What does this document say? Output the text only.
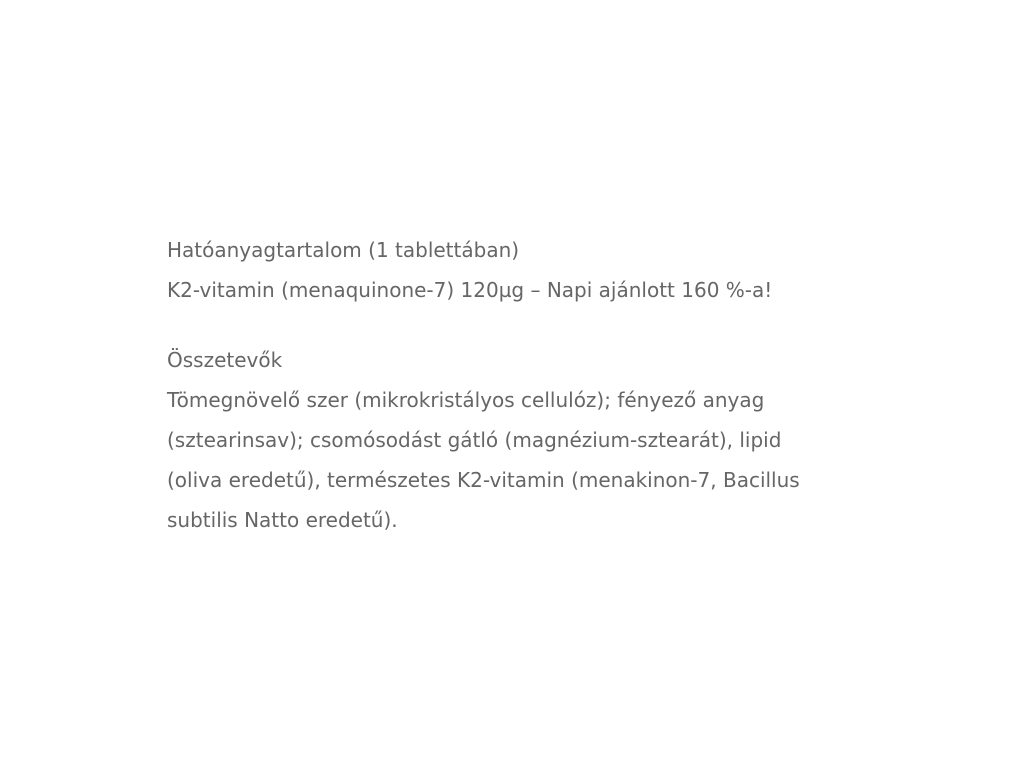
Hatóanyagtartalom (1 tablettában)

K2-vitamin (menaquinone-7) 120µg – Napi ajánlott 160 %-a!

Összetevők

Tömegnövelő szer (mikrokristályos cellulóz); fényező anyag

(sztearinsav); csomósodást gátló (magnézium-sztearát), lipid

(oliva eredetű), természetes K2-vitamin (menakinon-7, Bacillus

subtilis Natto eredetű).
